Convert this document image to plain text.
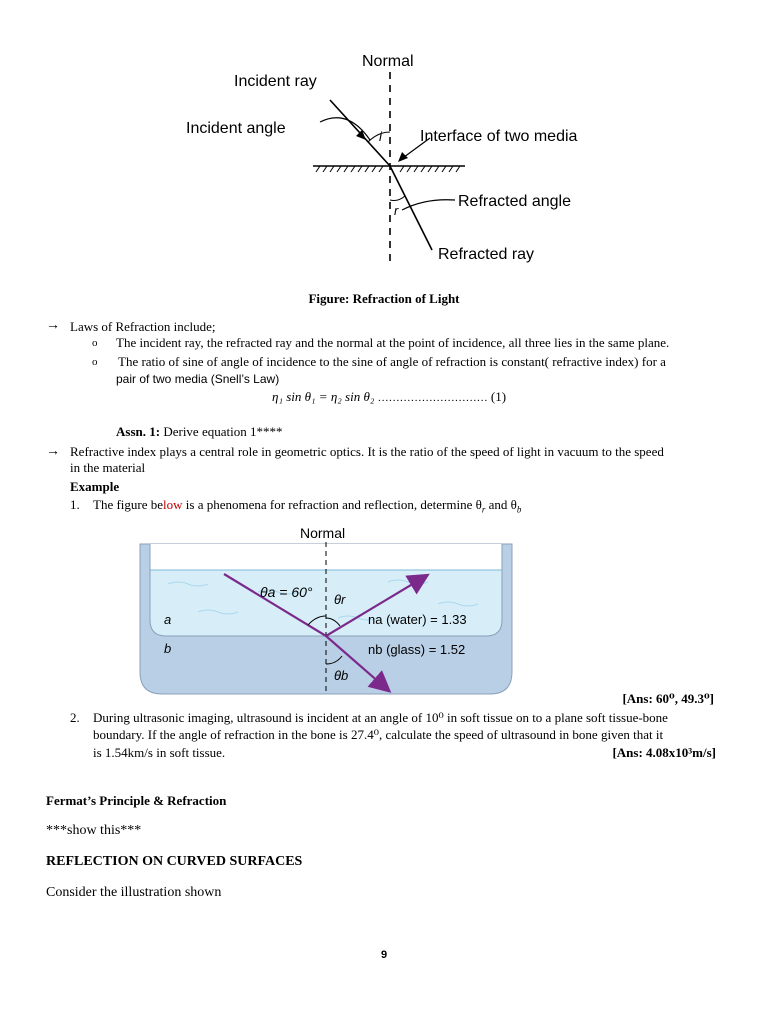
Normal
Incident ray
Incident angle	Interface of two media
Refracted angle
Refracted ray
i
r
Figure: Refraction of Light
→ Laws of Refraction include;
o The incident ray, the refracted ray and the normal at the point of incidence, all three lies in the same plane.
o The ratio of sine of angle of incidence to the sine of angle of refraction is constant( refractive index) for a
pair of two media (Snell’s Law)
η₁ sin θ₁ = η₂ sin θ₂ ………………………… (1)
Assn. 1: Derive equation 1****
→ Refractive index plays a central role in geometric optics. It is the ratio of the speed of light in vacuum to the speed
in the material
Example
1. The figure below is a phenomena for refraction and reflection, determine $\theta_r$ and $\theta_b$
Normal
θa = 60° θr
a
b
na (water) = 1.33
nb (glass) = 1.52
θb
[Ans: 60⁰, 49.3⁰]
2. During ultrasonic imaging, ultrasound is incident at an angle of 10⁰ in soft tissue on to a plane soft tissue-bone
boundary. If the angle of refraction in the bone is 27.4⁰, calculate the speed of ultrasound in bone given that it
is 1.54km/s in soft tissue.	[Ans: 4.08x10³m/s]
Fermat’s Principle & Refraction
***show this***
REFLECTION ON CURVED SURFACES
Consider the illustration shown
9
